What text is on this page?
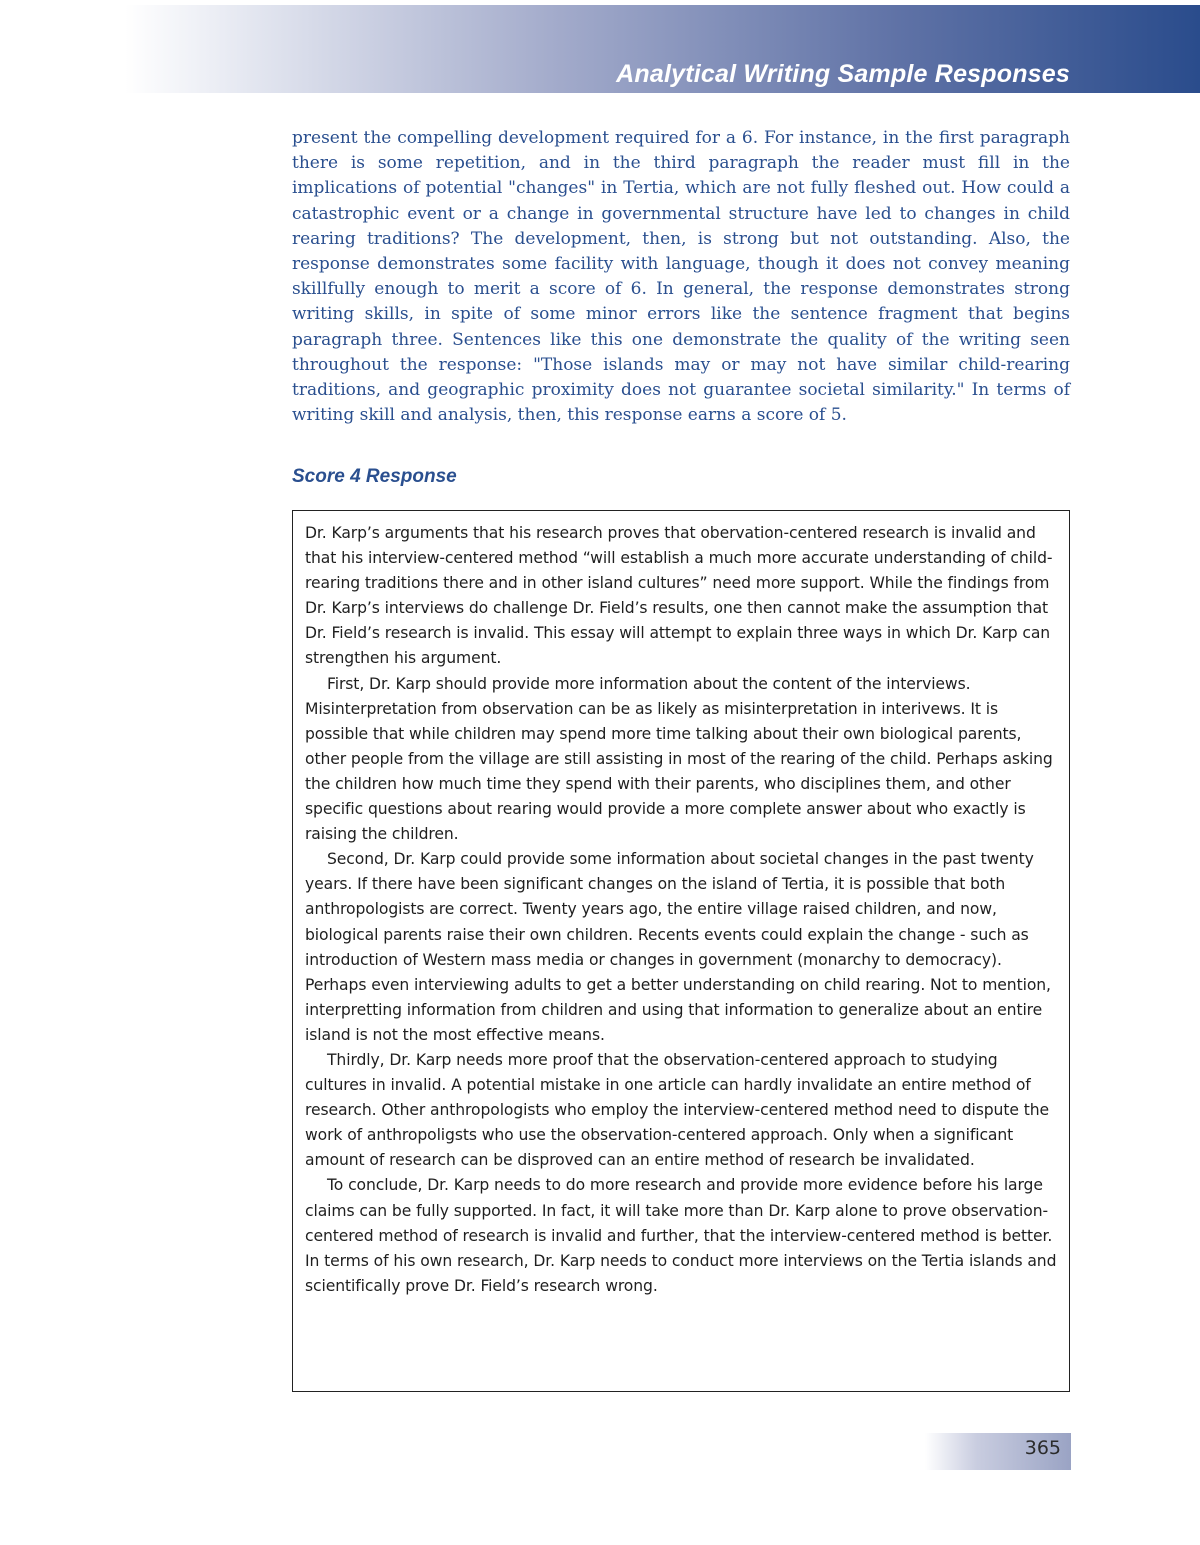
Analytical Writing Sample Responses

present the compelling development required for a 6. For instance, in the first paragraph there is some repetition, and in the third paragraph the reader must fill in the implications of potential "changes" in Tertia, which are not fully fleshed out. How could a catastrophic event or a change in governmental structure have led to changes in child rearing traditions? The development, then, is strong but not outstanding. Also, the response demonstrates some facility with language, though it does not convey meaning skillfully enough to merit a score of 6. In general, the response demonstrates strong writing skills, in spite of some minor errors like the sentence fragment that begins paragraph three. Sentences like this one demonstrate the quality of the writing seen throughout the response: "Those islands may or may not have similar child-rearing traditions, and geographic proximity does not guarantee societal similarity." In terms of writing skill and analysis, then, this response earns a score of 5.

Score 4 Response

Dr. Karp’s arguments that his research proves that obervation-centered research is invalid and that his interview-centered method “will establish a much more accurate understanding of child-rearing traditions there and in other island cultures” need more support. While the findings from Dr. Karp’s interviews do challenge Dr. Field’s results, one then cannot make the assumption that Dr. Field’s research is invalid. This essay will attempt to explain three ways in which Dr. Karp can strengthen his argument.

First, Dr. Karp should provide more information about the content of the interviews. Misinterpretation from observation can be as likely as misinterpretation in interivews. It is possible that while children may spend more time talking about their own biological parents, other people from the village are still assisting in most of the rearing of the child. Perhaps asking the children how much time they spend with their parents, who disciplines them, and other specific questions about rearing would provide a more complete answer about who exactly is raising the children.

Second, Dr. Karp could provide some information about societal changes in the past twenty years. If there have been significant changes on the island of Tertia, it is possible that both anthropologists are correct. Twenty years ago, the entire village raised children, and now, biological parents raise their own children. Recents events could explain the change - such as introduction of Western mass media or changes in government (monarchy to democracy). Perhaps even interviewing adults to get a better understanding on child rearing. Not to mention, interpretting information from children and using that information to generalize about an entire island is not the most effective means.

Thirdly, Dr. Karp needs more proof that the observation-centered approach to studying cultures in invalid. A potential mistake in one article can hardly invalidate an entire method of research. Other anthropologists who employ the interview-centered method need to dispute the work of anthropoligsts who use the observation-centered approach. Only when a significant amount of research can be disproved can an entire method of research be invalidated.

To conclude, Dr. Karp needs to do more research and provide more evidence before his large claims can be fully supported. In fact, it will take more than Dr. Karp alone to prove observation-centered method of research is invalid and further, that the interview-centered method is better. In terms of his own research, Dr. Karp needs to conduct more interviews on the Tertia islands and scientifically prove Dr. Field’s research wrong.

365
